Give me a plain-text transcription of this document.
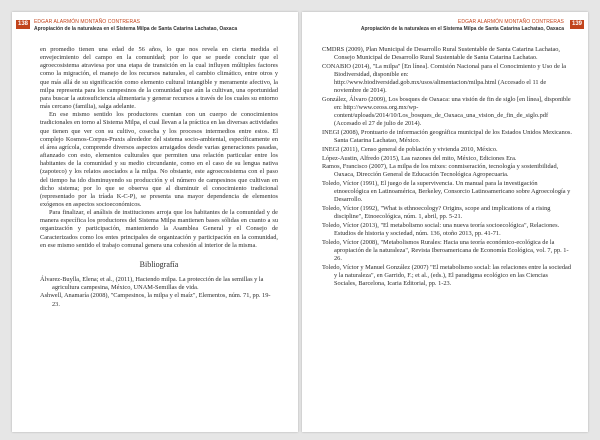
138	EDGAR ALARMÓN MONTAÑO CONTRERAS
Apropiación de la naturaleza en el Sistema Milpa de Santa Catarina Lachatao, Oaxaca

en promedio tienen una edad de 56 años, lo que nos revela en cierta medida el envejecimiento del campo en la comunidad; por lo que se puede concluir que el agroecosistema atraviesa por una etapa de transición en la cual influyen múltiples factores como la migración, el manejo de los recursos naturales, el cambio climático, entre otros y que más allá de su significación como elemento cultural intangible y meramente afectivo, la milpa representa para los campesinos de la comunidad que aún la cultivan, una oportunidad para buscar la autosuficiencia alimentaria y generar recursos a través de los cuales su entorno más cercano (familia), salga adelante.

En ese mismo sentido los productores cuentan con un cuerpo de conocimientos tradicionales en torno al Sistema Milpa, el cual llevan a la práctica en las diversas actividades que tienen que ver con su cultivo, cosecha y los procesos intermedios entre estos. El complejo Kosmos-Corpus-Praxis alrededor del sistema socio-ambiental, específicamente en el área agrícola, comprende diversos aspectos arraigados desde varias generaciones pasadas, afianzado con esto, elementos culturales que permiten una relación particular entre los habitantes de la comunidad y su medio circundante, como en el caso de su lengua nativa (zapoteco) y los relatos asociados a la milpa. No obstante, este agroecosistema con el paso del tiempo ha ido disminuyendo su producción y el número de campesinos que cultivan en dicho sistema; por lo que se observa que al disminuir el conocimiento tradicional (representado por la tríada K-C-P), se presenta una mayor dependencia de elementos exógenos en aspectos socioeconómicos.

Para finalizar, el análisis de instituciones arroja que los habitantes de la comunidad y de manera específica los productores del Sistema Milpa mantienen bases sólidas en cuanto a su organización y participación, manteniendo la Asamblea General y el Consejo de Caracterizados como los entes principales de organización y participación en la comunidad, en ese mismo sentido el trabajo comunal genera una cohesión al interior de la misma.

Bibliografía

Álvarez-Buylla, Elena; et al., (2011), Haciendo milpa. La protección de las semillas y la agricultura campesina, México, UNAM-Semillas de vida.

Ashwell, Anamaría (2008), "Campesinos, la milpa y el maíz", Elementos, núm. 71, pp. 19-23.

EDGAR ALARMÓN MONTAÑO CONTRERAS
Apropiación de la naturaleza en el Sistema Milpa de Santa Catarina Lachatao, Oaxaca
139

CMDRS (2009), Plan Municipal de Desarrollo Rural Sustentable de Santa Catarina Lachatao, Consejo Municipal de Desarrollo Rural Sustentable de Santa Catarina Lachatao.

CONABIO (2014), "La milpa" [En línea]. Comisión Nacional para el Conocimiento y Uso de la Biodiversidad, disponible en: http://www.biodiversidad.gob.mx/usos/alimentacion/milpa.html (Accesado el 11 de noviembre de 2014).

González, Álvaro (2009), Los bosques de Oaxaca: una visión de fin de siglo [en línea], disponible en: http://www.ceoss.org.mx/wp-content/uploads/2014/10/Los_bosques_de_Oaxaca_una_vision_de_fin_de_siglo.pdf (Accesado el 27 de julio de 2014).

INEGI (2008), Prontuario de información geográfica municipal de los Estados Unidos Mexicanos. Santa Catarina Lachatao, México.

INEGI (2011), Censo general de población y vivienda 2010, México.

López-Austin, Alfredo (2015), Las razones del mito, México, Ediciones Era.

Ramos, Francisco (2007), La milpa de los mixes: conmiseración, tecnología y sostenibilidad, Oaxaca, Dirección General de Educación Tecnológica Agropecuaria.

Toledo, Víctor (1991), El juego de la supervivencia. Un manual para la investigación etnoecológica en Latinoamérica, Berkeley, Consorcio Latinoamericano sobre Agroecología y Desarrollo.

Toledo, Víctor (1992), "What is ethnoecology? Origins, scope and implications of a rising discipline", Etnoecológica, núm. 1, abril, pp. 5-21.

Toledo, Víctor (2013), "El metabolismo social: una nueva teoría socioecológica", Relaciones. Estudios de historia y sociedad, núm. 136, otoño 2013, pp. 41-71.

Toledo, Víctor (2008), "Metabolismos Rurales: Hacia una teoría económico-ecológica de la apropiación de la naturaleza", Revista Iberoamericana de Economía Ecológica, vol. 7, pp. 1-26.

Toledo, Víctor y Manuel González (2007) "El metabolismo social: las relaciones entre la sociedad y la naturaleza", en Garrido, F.; et al., (eds.), El paradigma ecológico en las Ciencias Sociales, Barcelona, Icaria Editorial, pp. 1-23.
